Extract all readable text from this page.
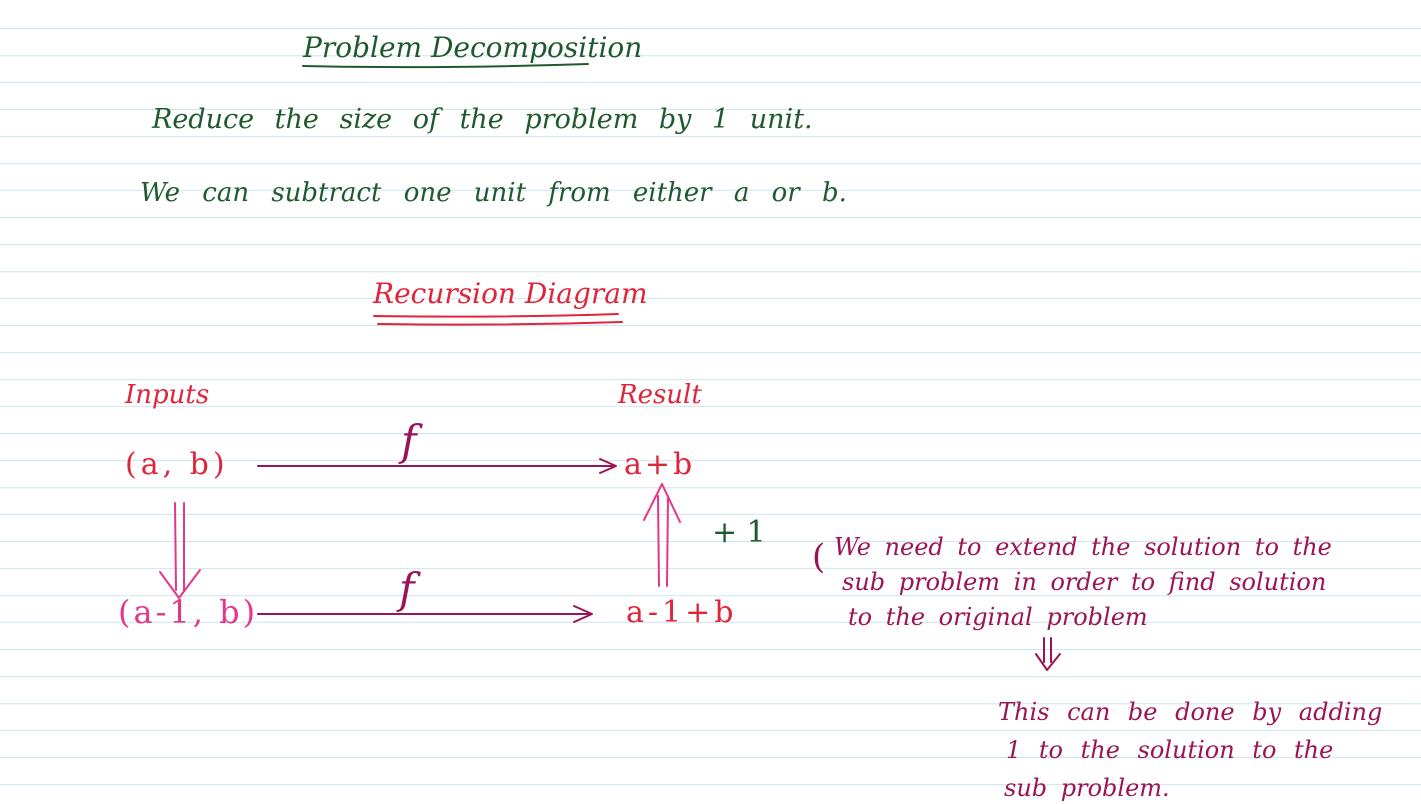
Problem Decomposition
Reduce the size of the problem by 1 unit.
We can subtract one unit from either a or b.
Recursion Diagram
Inputs	Result
(a, b)	a+b
(a-1, b)	a-1+b
+ 1
f
f
( We need to extend the solution to the
sub problem in order to find solution
to the original problem
This can be done by adding
1 to the solution to the
sub problem.
